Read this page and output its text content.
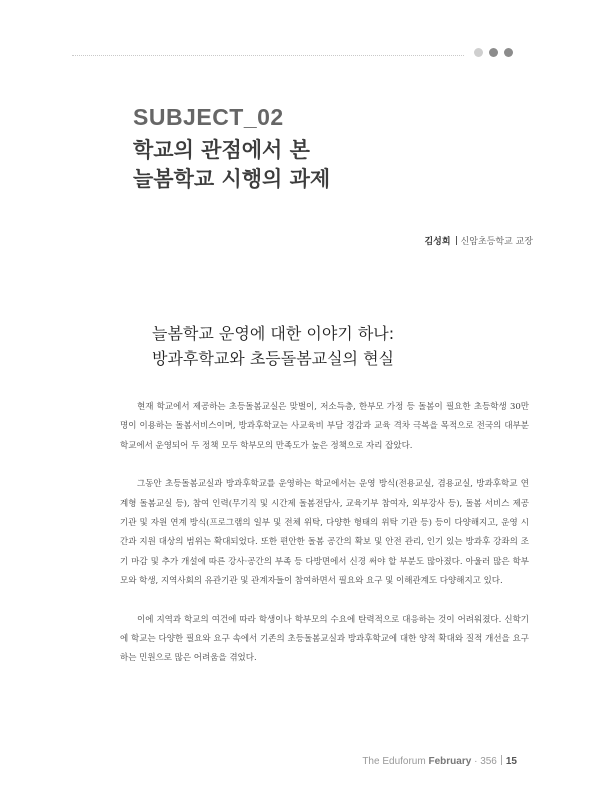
SUBJECT_02
학교의 관점에서 본
늘봄학교 시행의 과제
김성희 신암초등학교 교장
늘봄학교 운영에 대한 이야기 하나:
방과후학교와 초등돌봄교실의 현실

현재 학교에서 제공하는 초등돌봄교실은 맞벌이, 저소득층, 한부모 가정 등 돌봄이 필요한 초등학생 30만 명이 이용하는 돌봄서비스이며, 방과후학교는 사교육비 부담 경감과 교육 격차 극복을 목적으로 전국의 대부분 학교에서 운영되어 두 정책 모두 학부모의 만족도가 높은 정책으로 자리 잡았다.

그동안 초등돌봄교실과 방과후학교를 운영하는 학교에서는 운영 방식(전용교실, 겸용교실, 방과후학교 연계형 돌봄교실 등), 참여 인력(무기직 및 시간제 돌봄전담사, 교육기부 참여자, 외부강사 등), 돌봄 서비스 제공기관 및 자원 연계 방식(프로그램의 일부 및 전체 위탁, 다양한 형태의 위탁 기관 등) 등이 다양해지고, 운영 시간과 지원 대상의 범위는 확대되었다. 또한 편안한 돌봄 공간의 확보 및 안전 관리, 인기 있는 방과후 강좌의 조기 마감 및 추가 개설에 따른 강사·공간의 부족 등 다방면에서 신경 써야 할 부분도 많아졌다. 아울러 많은 학부모와 학생, 지역사회의 유관기관 및 관계자들이 참여하면서 필요와 요구 및 이해관계도 다양해지고 있다.

이에 지역과 학교의 여건에 따라 학생이나 학부모의 수요에 탄력적으로 대응하는 것이 어려워졌다. 신학기에 학교는 다양한 필요와 요구 속에서 기존의 초등돌봄교실과 방과후학교에 대한 양적 확대와 질적 개선을 요구하는 민원으로 많은 어려움을 겪었다.

The Eduforum February · 356 15
